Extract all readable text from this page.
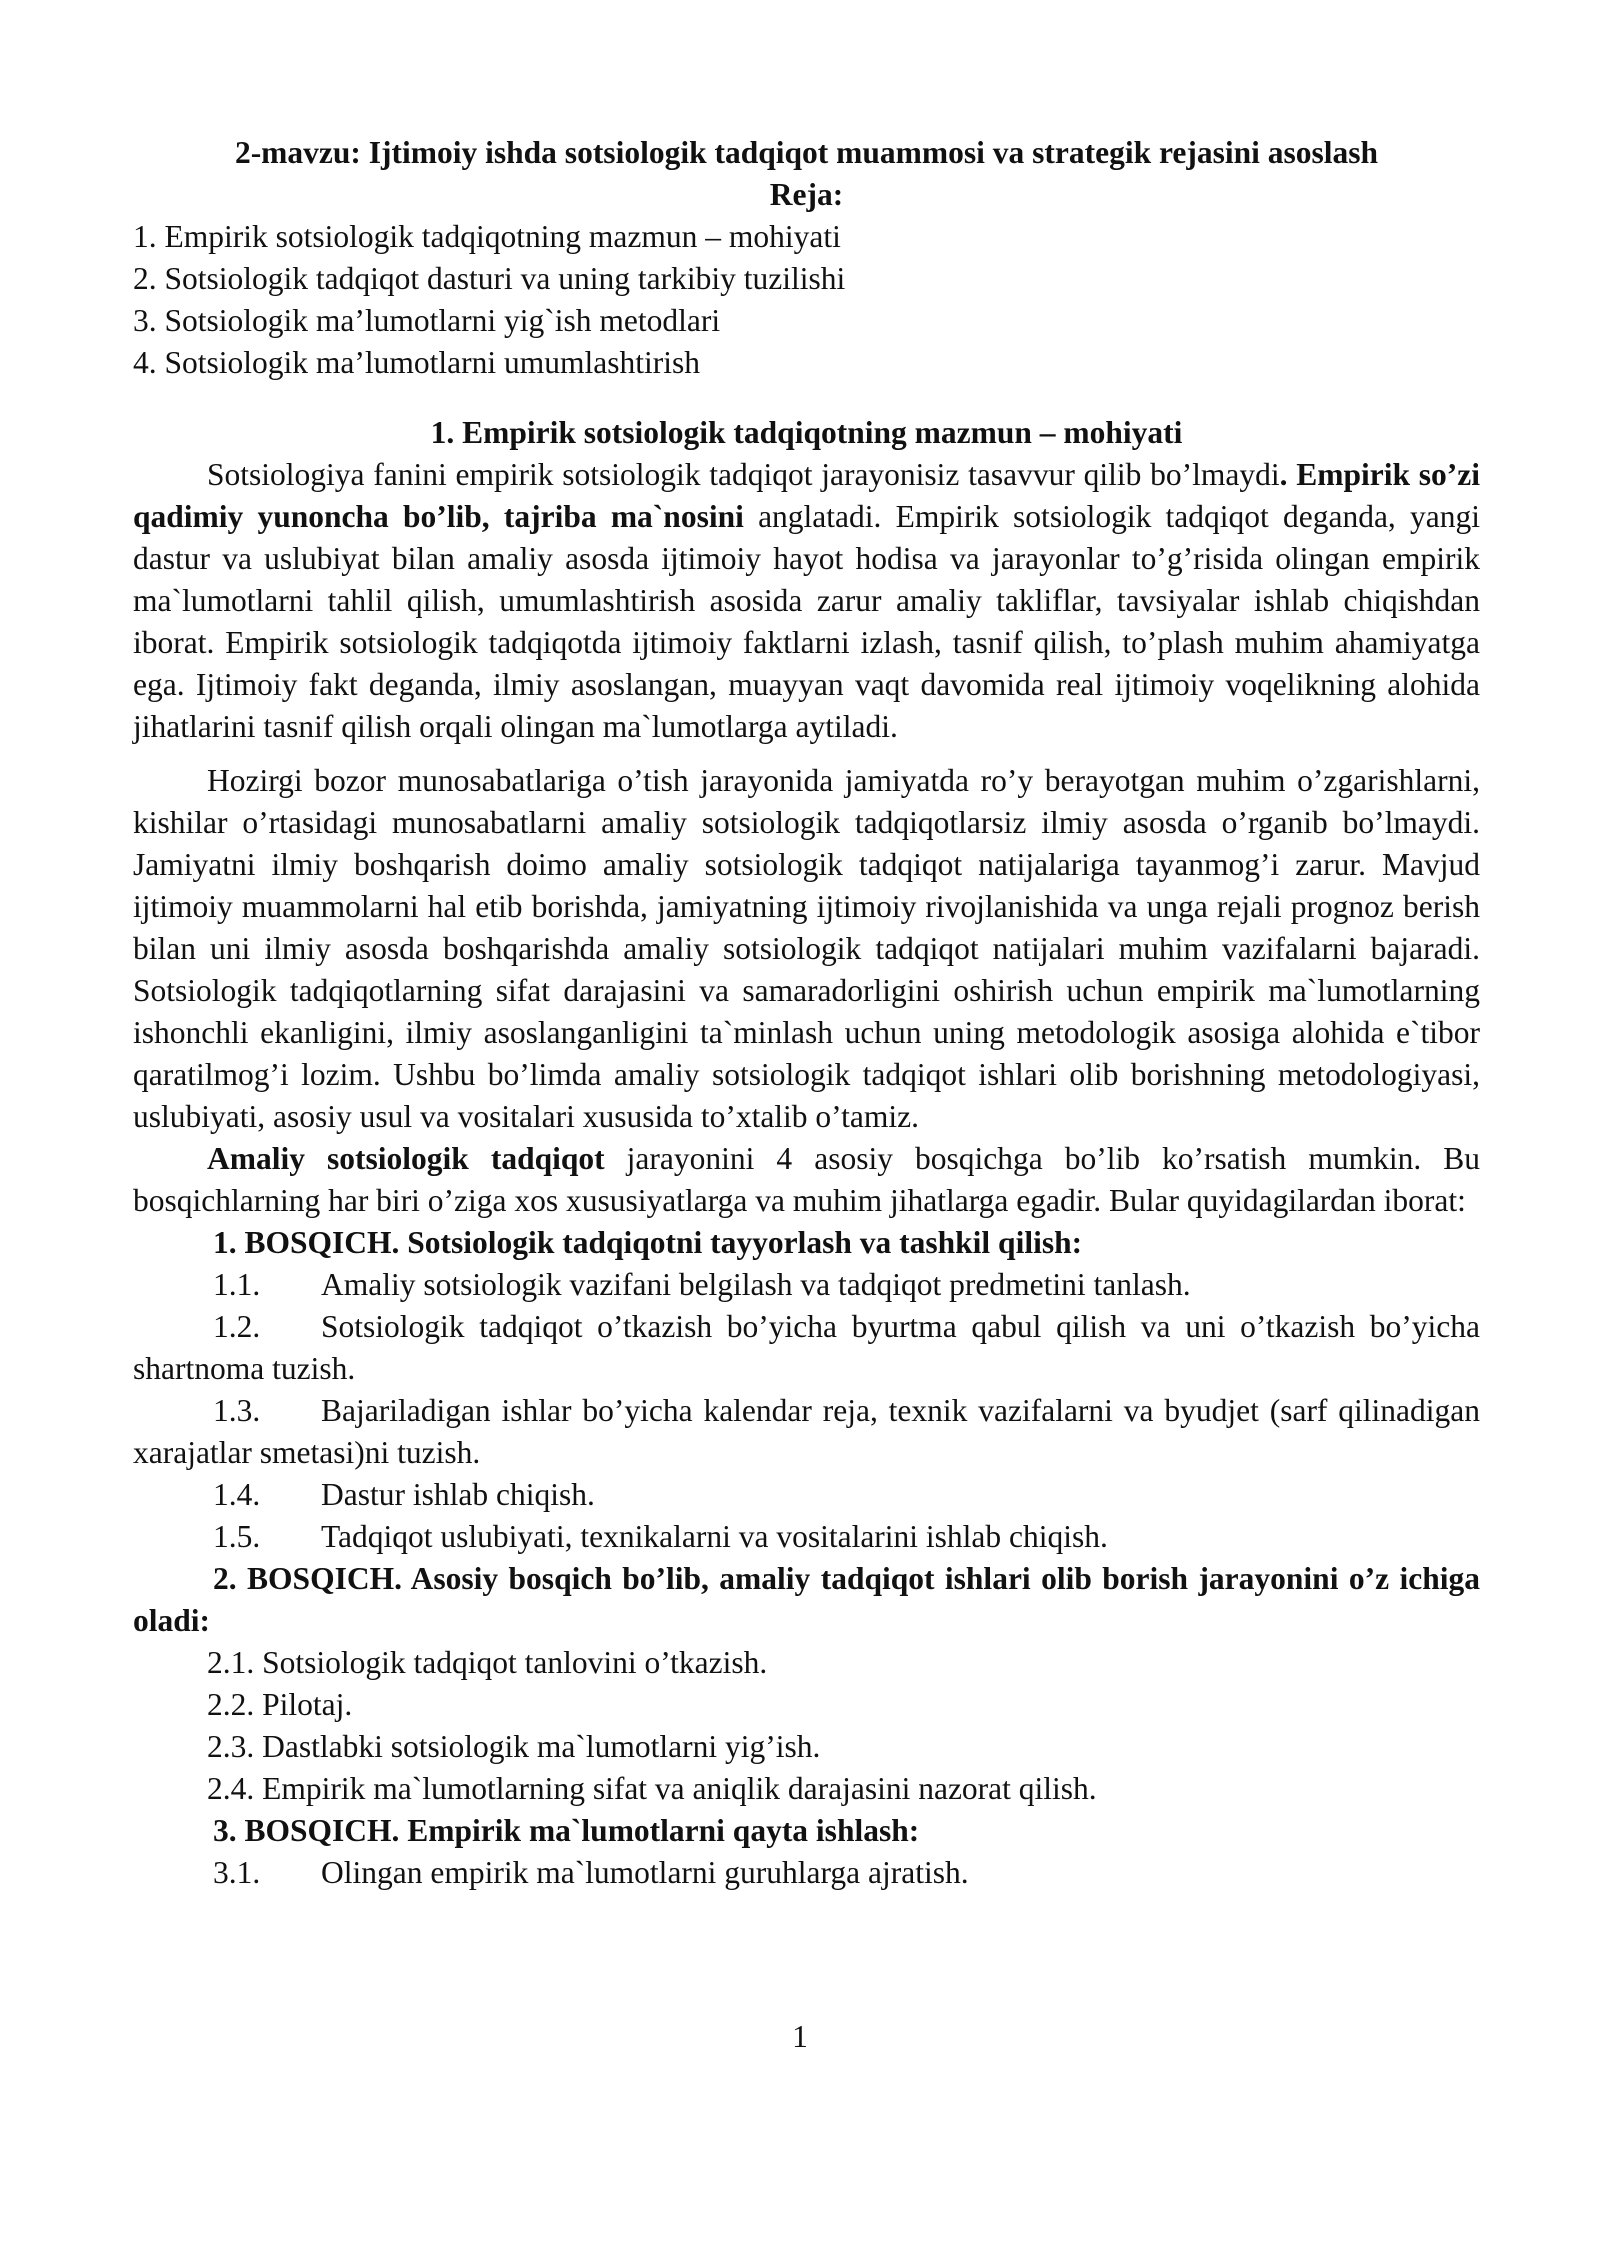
2-mavzu: Ijtimoiy ishda sotsiologik tadqiqot muammosi va strategik rejasini asoslash
Reja:
1. Empirik sotsiologik tadqiqotning mazmun – mohiyati
2. Sotsiologik tadqiqot dasturi va uning tarkibiy tuzilishi
3. Sotsiologik ma’lumotlarni yig`ish metodlari
4. Sotsiologik ma’lumotlarni umumlashtirish
1. Empirik sotsiologik tadqiqotning mazmun – mohiyati

Sotsiologiya fanini empirik sotsiologik tadqiqot jarayonisiz tasavvur qilib bo’lmaydi. Empirik so’zi qadimiy yunoncha bo’lib, tajriba ma`nosini anglatadi. Empirik sotsiologik tadqiqot deganda, yangi dastur va uslubiyat bilan amaliy asosda ijtimoiy hayot hodisa va jarayonlar to’g’risida olingan empirik ma`lumotlarni tahlil qilish, umumlashtirish asosida zarur amaliy takliflar, tavsiyalar ishlab chiqishdan iborat. Empirik sotsiologik tadqiqotda ijtimoiy faktlarni izlash, tasnif qilish, to’plash muhim ahamiyatga ega. Ijtimoiy fakt deganda, ilmiy asoslangan, muayyan vaqt davomida real ijtimoiy voqelikning alohida jihatlarini tasnif qilish orqali olingan ma`lumotlarga aytiladi.

Hozirgi bozor munosabatlariga o’tish jarayonida jamiyatda ro’y berayotgan muhim o’zgarishlarni, kishilar o’rtasidagi munosabatlarni amaliy sotsiologik tadqiqotlarsiz ilmiy asosda o’rganib bo’lmaydi. Jamiyatni ilmiy boshqarish doimo amaliy sotsiologik tadqiqot natijalariga tayanmog’i zarur. Mavjud ijtimoiy muammolarni hal etib borishda, jamiyatning ijtimoiy rivojlanishida va unga rejali prognoz berish bilan uni ilmiy asosda boshqarishda amaliy sotsiologik tadqiqot natijalari muhim vazifalarni bajaradi. Sotsiologik tadqiqotlarning sifat darajasini va samaradorligini oshirish uchun empirik ma`lumotlarning ishonchli ekanligini, ilmiy asoslanganligini ta`minlash uchun uning metodologik asosiga alohida e`tibor qaratilmog’i lozim. Ushbu bo’limda amaliy sotsiologik tadqiqot ishlari olib borishning metodologiyasi, uslubiyati, asosiy usul va vositalari xususida to’xtalib o’tamiz.

Amaliy sotsiologik tadqiqot jarayonini 4 asosiy bosqichga bo’lib ko’rsatish mumkin. Bu bosqichlarning har biri o’ziga xos xususiyatlarga va muhim jihatlarga egadir. Bular quyidagilardan iborat:

1. BOSQICH. Sotsiologik tadqiqotni tayyorlash va tashkil qilish:
1.1. Amaliy sotsiologik vazifani belgilash va tadqiqot predmetini tanlash.
1.2. Sotsiologik tadqiqot o’tkazish bo’yicha byurtma qabul qilish va uni o’tkazish bo’yicha shartnoma tuzish.
1.3. Bajariladigan ishlar bo’yicha kalendar reja, texnik vazifalarni va byudjet (sarf qilinadigan xarajatlar smetasi)ni tuzish.
1.4. Dastur ishlab chiqish.
1.5. Tadqiqot uslubiyati, texnikalarni va vositalarini ishlab chiqish.
2. BOSQICH. Asosiy bosqich bo’lib, amaliy tadqiqot ishlari olib borish jarayonini o’z ichiga oladi:
2.1. Sotsiologik tadqiqot tanlovini o’tkazish.
2.2. Pilotaj.
2.3. Dastlabki sotsiologik ma`lumotlarni yig’ish.
2.4. Empirik ma`lumotlarning sifat va aniqlik darajasini nazorat qilish.
3. BOSQICH. Empirik ma`lumotlarni qayta ishlash:
3.1. Olingan empirik ma`lumotlarni guruhlarga ajratish.
1
